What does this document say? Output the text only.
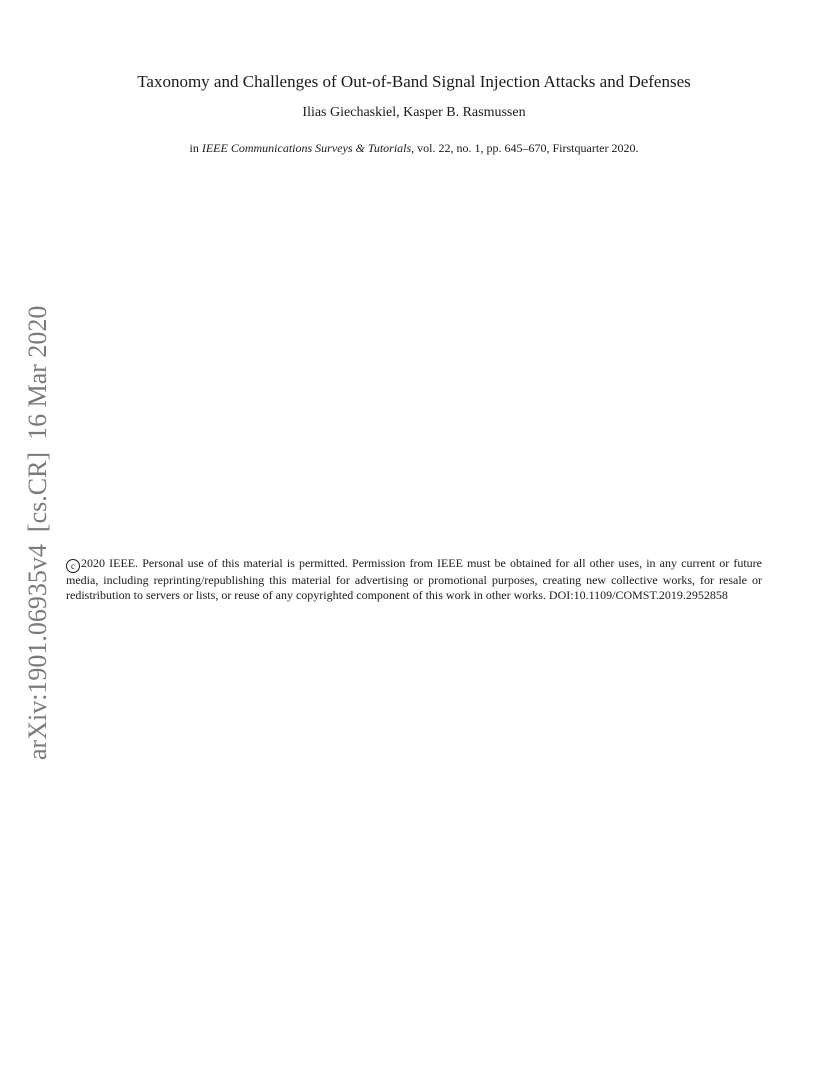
Taxonomy and Challenges of Out-of-Band Signal Injection Attacks and Defenses
Ilias Giechaskiel, Kasper B. Rasmussen
in IEEE Communications Surveys & Tutorials, vol. 22, no. 1, pp. 645–670, Firstquarter 2020.
arXiv:1901.06935v4[cs.CR]16 Mar 2020
c 2020 IEEE. Personal use of this material is permitted. Permission from IEEE must be obtained for all other uses, in any current or future media, including reprinting/republishing this material for advertising or promotional purposes, creating new collective works, for resale or redistribution to servers or lists, or reuse of any copyrighted component of this work in other works. DOI:10.1109/COMST.2019.2952858
